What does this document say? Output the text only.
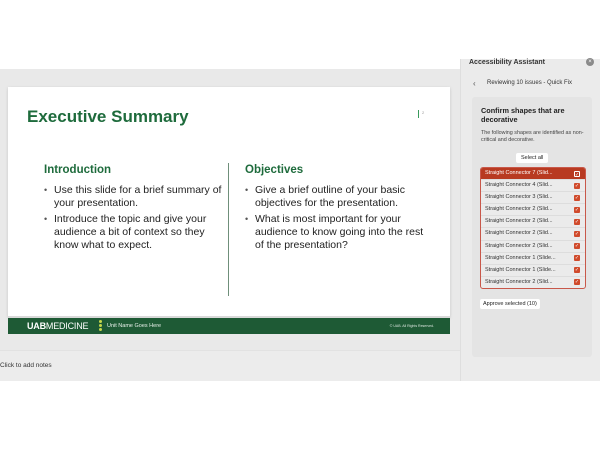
Executive Summary	2
Introduction
• Use this slide for a brief summary of your presentation.
• Introduce the topic and give your audience a bit of context so they know what to expect.
Objectives
• Give a brief outline of your basic objectives for the presentation.
• What is most important for your audience to know going into the rest of the presentation?
UABMEDICINE	Unit Name Goes Here	© UAB. All Rights Reserved.
Click to add notes
Accessibility Assistant	×
‹ Reviewing 10 issues - Quick Fix
Confirm shapes that are decorative

The following shapes are identified as non-critical and decorative.

Select all
Straight Connector 7 (Slid...	✓
Straight Connector 4 (Slid...	✓
Straight Connector 3 (Slid...	✓
Straight Connector 2 (Slid...	✓
Straight Connector 2 (Slid...	✓
Straight Connector 2 (Slid...	✓
Straight Connector 2 (Slid...	✓
Straight Connector 1 (Slide...	✓
Straight Connector 1 (Slide...	✓
Straight Connector 2 (Slid...	✓
Approve selected (10)
